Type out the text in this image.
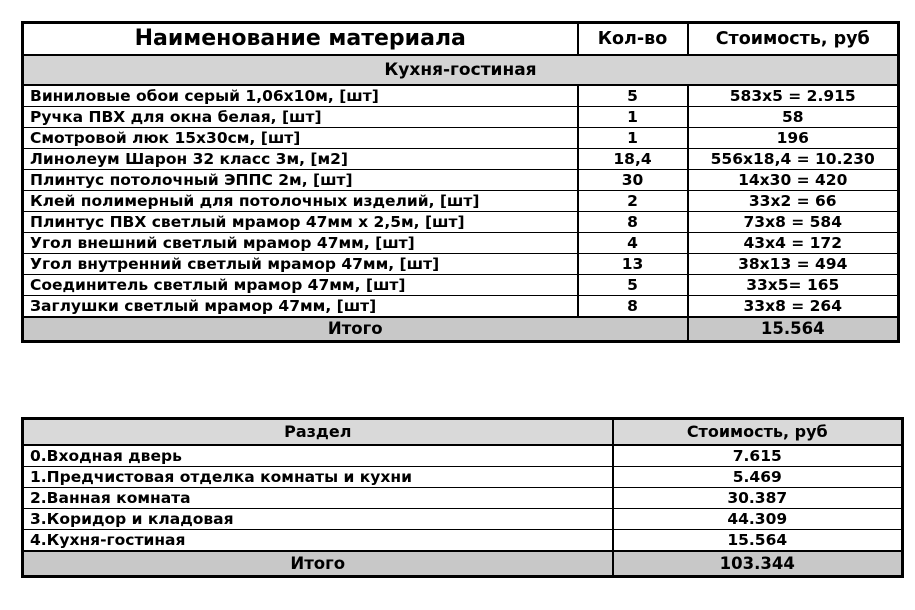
Наименование материала	Кол-во	Стоимость, руб
Кухня-гостиная		
Виниловые обои серый 1,06x10м, [шт]	5	583x5 = 2.915
Ручка ПВХ для окна белая, [шт]	1	58
Смотровой люк 15x30см, [шт]	1	196
Линолеум Шарон 32 класс 3м, [м2]	18,4	556x18,4 = 10.230
Плинтус потолочный ЭППС 2м, [шт]	30	14x30 = 420
Клей полимерный для потолочных изделий, [шт]	2	33x2 = 66
Плинтус ПВХ светлый мрамор 47мм х 2,5м, [шт]	8	73x8 = 584
Угол внешний светлый мрамор 47мм, [шт]	4	43x4 = 172
Угол внутренний светлый мрамор 47мм, [шт]	13	38x13 = 494
Соединитель светлый мрамор 47мм, [шт]	5	33x5= 165
Заглушки светлый мрамор 47мм, [шт]	8	33x8 = 264
Итого		15.564
Раздел	Стоимость, руб
0.Входная дверь	7.615
1.Предчистовая отделка комнаты и кухни	5.469
2.Ванная комната	30.387
3.Коридор и кладовая	44.309
4.Кухня-гостиная	15.564
Итого	103.344
